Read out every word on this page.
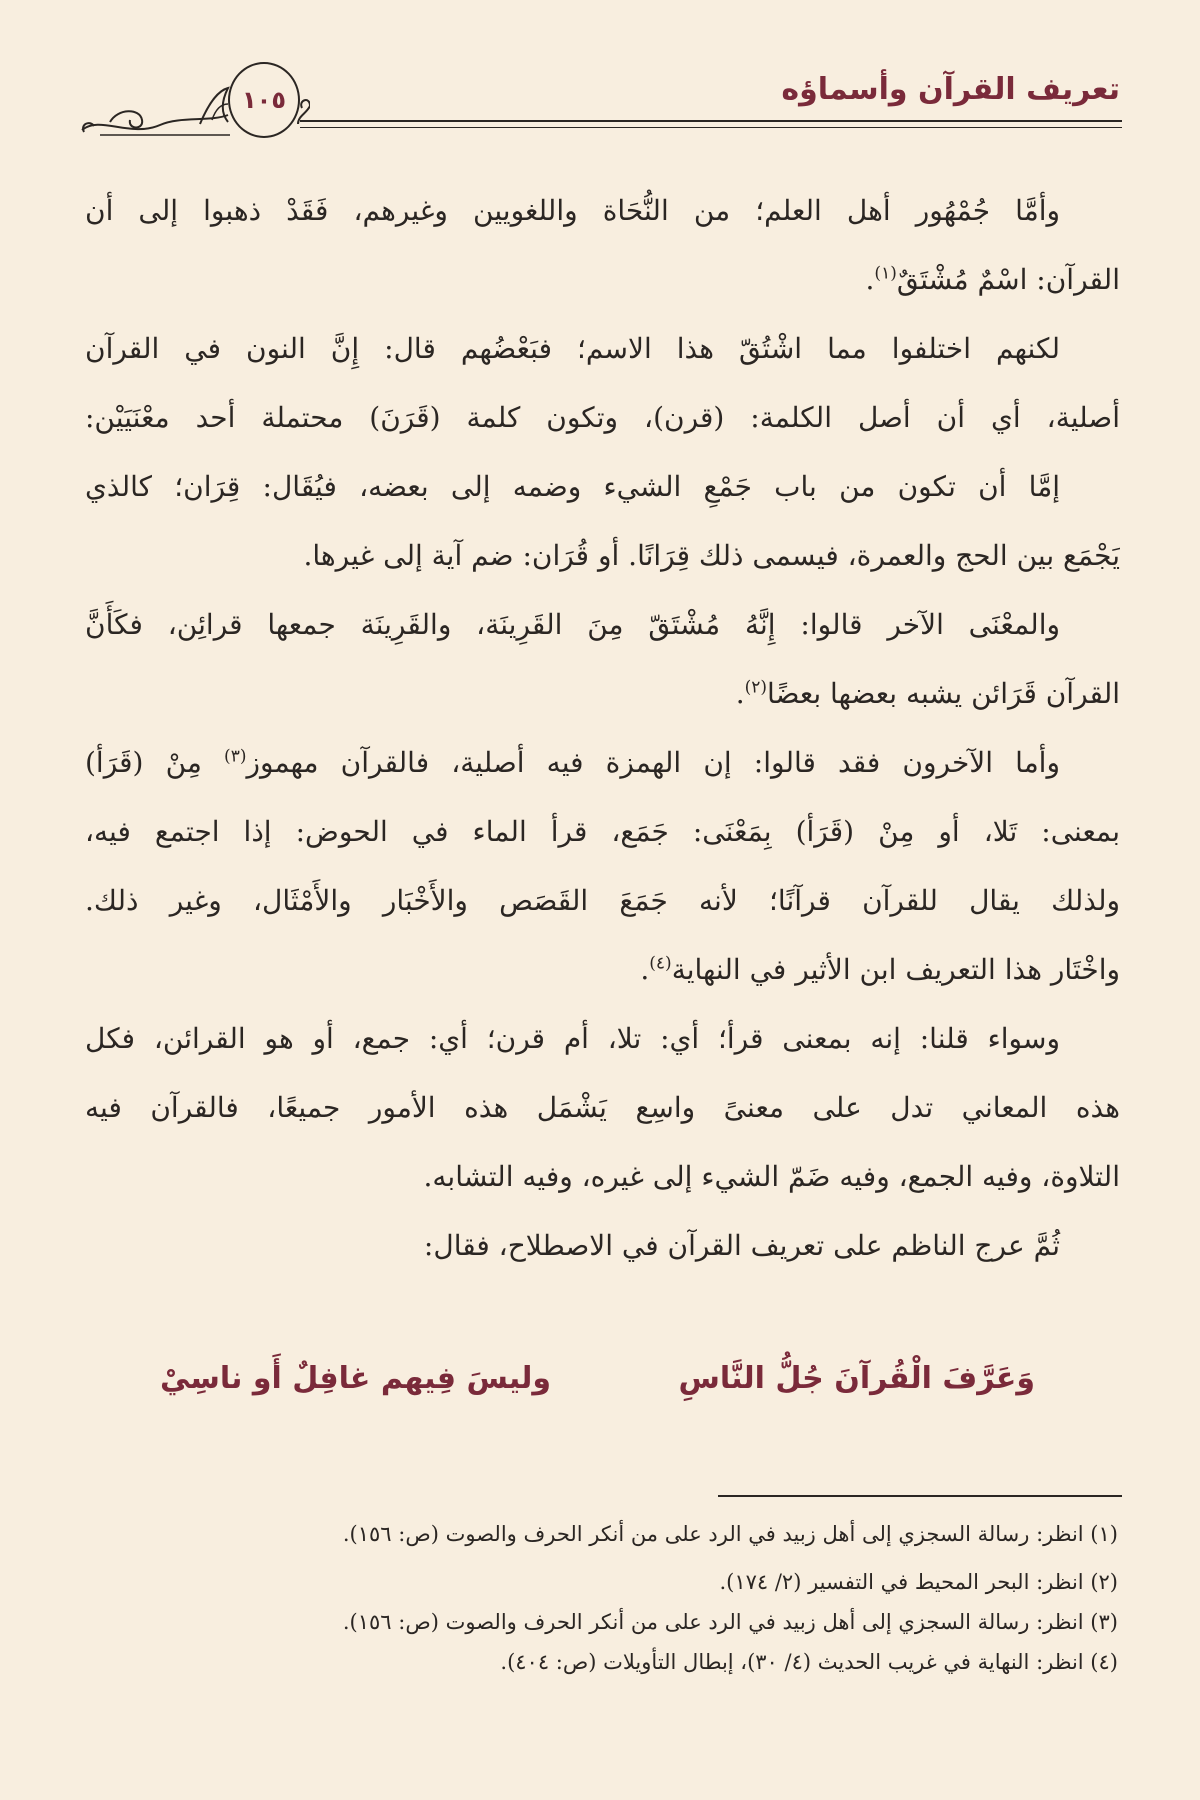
تعريف القرآن وأسماؤه
١٠٥
وأمَّا جُمْهُور أهل العلم؛ من النُّحَاة واللغويين وغيرهم، فَقَدْ ذهبوا إلى أن
القرآن: اسْمٌ مُشْتَقٌ$^{(١)}$.
لكنهم اختلفوا مما اشْتُقّ هذا الاسم؛ فبَعْضُهم قال: إِنَّ النون في القرآن
أصلية، أي أن أصل الكلمة: (قرن)، وتكون كلمة (قَرَنَ) محتملة أحد معْنَيَيْن:
إمَّا أن تكون من باب جَمْعِ الشيء وضمه إلى بعضه، فيُقَال: قِرَان؛ كالذي
يَجْمَع بين الحج والعمرة، فيسمى ذلك قِرَانًا. أو قُرَان: ضم آية إلى غيرها.
والمعْنَى الآخر قالوا: إِنَّهُ مُشْتَقّ مِنَ القَرِينَة، والقَرِينَة جمعها قرائِن، فكَأَنَّ
القرآن قَرَائن يشبه بعضها بعضًا$^{(٢)}$.
وأما الآخرون فقد قالوا: إن الهمزة فيه أصلية، فالقرآن مهموز$^{(٣)}$ مِنْ (قَرَأ)
بمعنى: تَلا، أو مِنْ (قَرَأ) بِمَعْنَى: جَمَع، قرأ الماء في الحوض: إذا اجتمع فيه،
ولذلك يقال للقرآن قرآنًا؛ لأنه جَمَعَ القَصَص والأَخْبَار والأَمْثَال، وغير ذلك.
واخْتَار هذا التعريف ابن الأثير في النهاية$^{(٤)}$.
وسواء قلنا: إنه بمعنى قرأ؛ أي: تلا، أم قرن؛ أي: جمع، أو هو القرائن، فكل
هذه المعاني تدل على معنىً واسِع يَشْمَل هذه الأمور جميعًا، فالقرآن فيه
التلاوة، وفيه الجمع، وفيه ضَمّ الشيء إلى غيره، وفيه التشابه.
ثُمَّ عرج الناظم على تعريف القرآن في الاصطلاح، فقال:
وَعَرَّفَ الْقُرآنَ جُلُّ النَّاسِ
وليسَ فِيهم غافِلٌ أَو ناسِيْ
(١) انظر: رسالة السجزي إلى أهل زبيد في الرد على من أنكر الحرف والصوت (ص: ١٥٦).
(٢) انظر: البحر المحيط في التفسير (٢/ ١٧٤).
(٣) انظر: رسالة السجزي إلى أهل زبيد في الرد على من أنكر الحرف والصوت (ص: ١٥٦).
(٤) انظر: النهاية في غريب الحديث (٤/ ٣٠)، إبطال التأويلات (ص: ٤٠٤).
